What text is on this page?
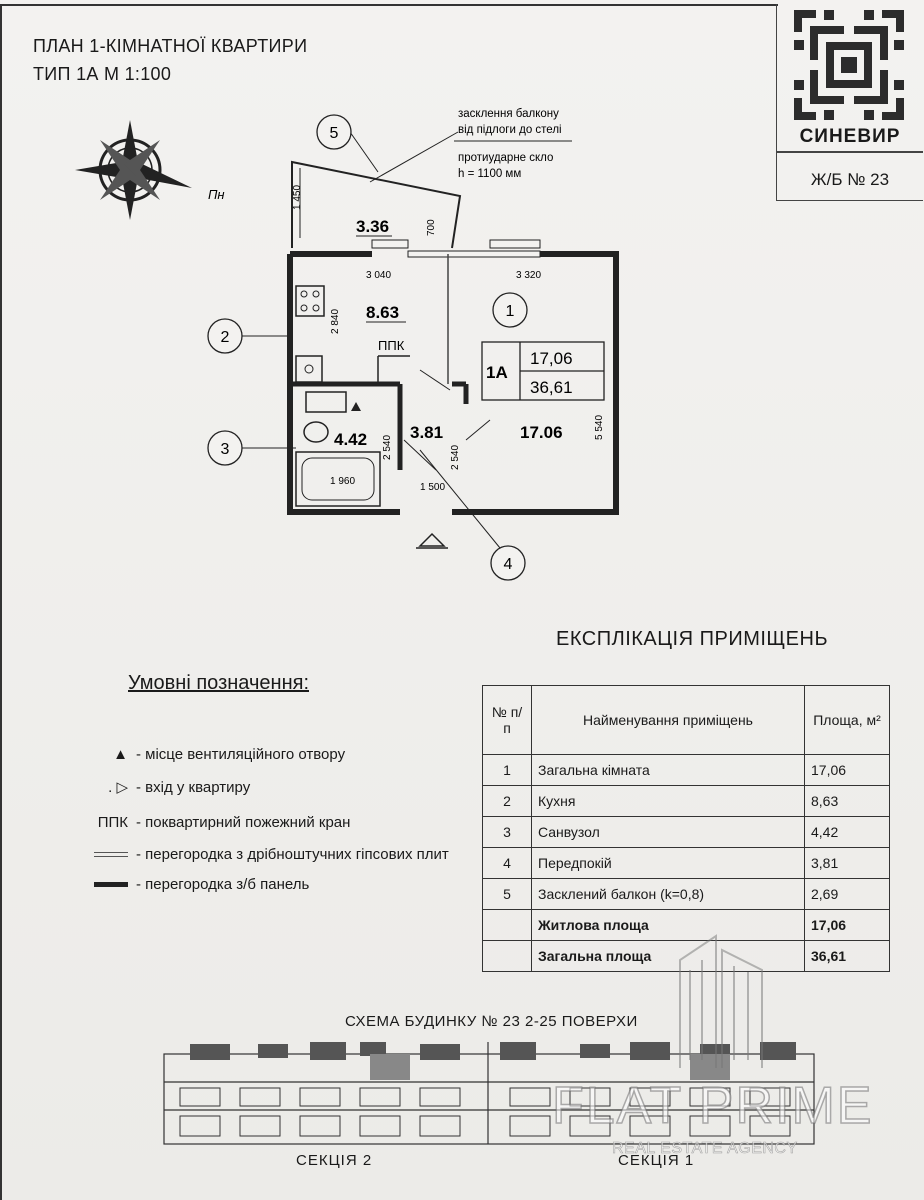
ПЛАН 1-КІМНАТНОЇ КВАРТИРИ
ТИП 1А М 1:100
СИНЕВИР
Ж/Б № 23
Пн	1 450
700
3.36
3 040	3 320
2 840
5 540
2 540	2 540
1 960
1 500
8.63
4.42	3.81	17.06
ППК
1А
17,06
36,61
5
1
2
3
4
засклення балкону
від підлоги до стелі
протиударне скло
h = 1100 мм
Умовні позначення:
▲ - місце вентиляційного отвору
. ▷ - вхід у квартиру
ППК - поквартирний пожежний кран
- перегородка з дрібноштучних гіпсових плит
- перегородка з/б панель
ЕКСПЛІКАЦІЯ ПРИМІЩЕНЬ
№ п/п	Найменування приміщень	Площа, м²
1	Загальна кімната	17,06
2	Кухня	8,63
3	Санвузол	4,42
4	Передпокій	3,81
5	Засклений балкон (k=0,8)	2,69
	Житлова площа	17,06
	Загальна площа	36,61
СХЕМА БУДИНКУ № 23 2-25 ПОВЕРХИ
СЕКЦІЯ 2	СЕКЦІЯ 1
FLAT PRIME
REAL ESTATE AGENCY
